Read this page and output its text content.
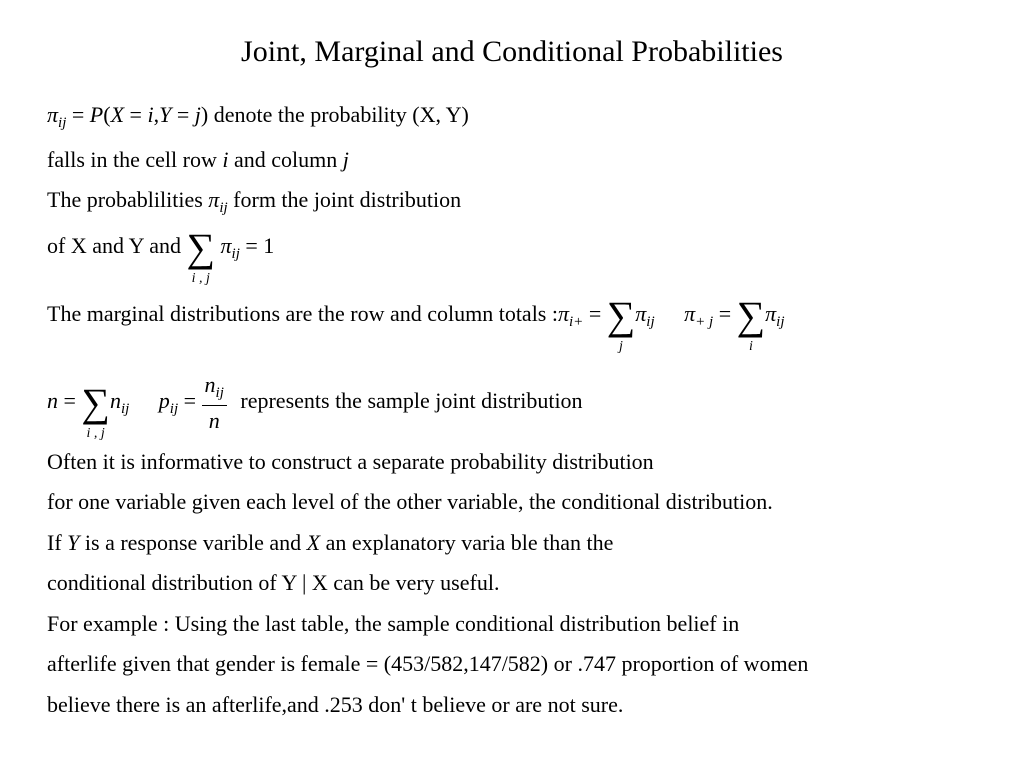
Joint, Marginal and Conditional Probabilities
$\pi_{ij} = P(X = i,Y = j)$ denote the probability (X, Y)
falls in the cell row i and column j
The probablilities $\pi_{ij}$ form the joint distribution
of X and Y and ∑
i , j
$\pi_{ij} = 1$
The marginal distributions are the row and column totals $:\pi_{i+}$ = ∑
j
$\pi_{ij}$ $\pi_{+ j}$ = ∑
i
$\pi_{ij}$
n = ∑
i , j
$n_{ij}$ $p_{ij} = \frac{n_{ij}}{n}$ represents the sample joint distribution
Often it is informative to construct a separate probability distribution
for one variable given each level of the other variable, the conditional distribution.
If Y is a response varible and X an explanatory varia ble than the
conditional distribution of Y | X can be very useful.
For example : Using the last table, the sample conditional distribution belief in
afterlife given that gender is female = (453/582,147/582) or .747 proportion of women
believe there is an afterlife,and .253 don' t believe or are not sure.
